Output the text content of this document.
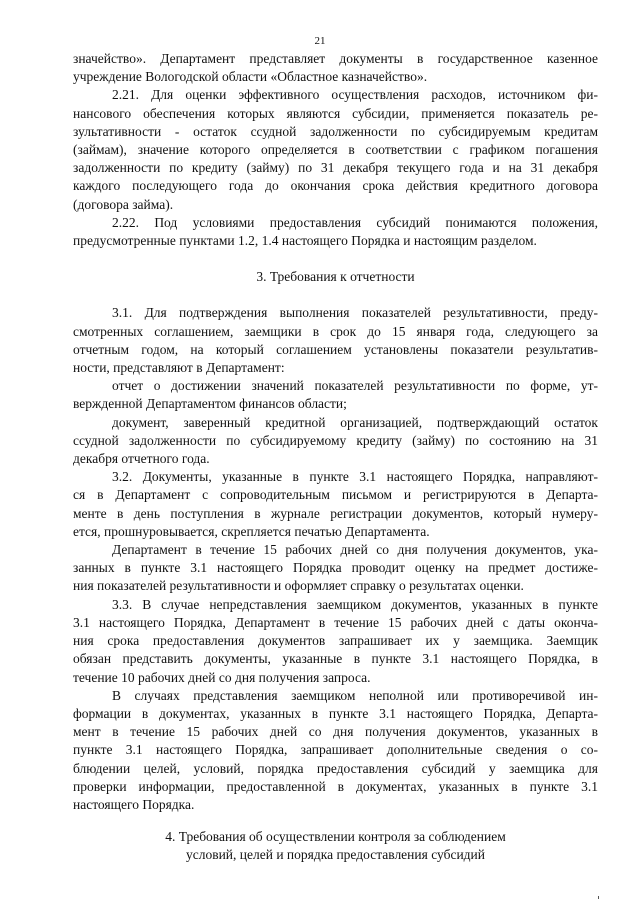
21
значейство». Департамент представляет документы в государственное казенное
учреждение Вологодской области «Областное казначейство».
2.21. Для оценки эффективного осуществления расходов, источником фи-
нансового обеспечения которых являются субсидии, применяется показатель ре-
зультативности - остаток ссудной задолженности по субсидируемым кредитам
(займам), значение которого определяется в соответствии с графиком погашения
задолженности по кредиту (займу) по 31 декабря текущего года и на 31 декабря
каждого последующего года до окончания срока действия кредитного договора
(договора займа).
2.22. Под условиями предоставления субсидий понимаются положения,
предусмотренные пунктами 1.2, 1.4 настоящего Порядка и настоящим разделом.
3. Требования к отчетности
3.1. Для подтверждения выполнения показателей результативности, преду-
смотренных соглашением, заемщики в срок до 15 января года, следующего за
отчетным годом, на который соглашением установлены показатели результатив-
ности, представляют в Департамент:
отчет о достижении значений показателей результативности по форме, ут-
вержденной Департаментом финансов области;
документ, заверенный кредитной организацией, подтверждающий остаток
ссудной задолженности по субсидируемому кредиту (займу) по состоянию на 31
декабря отчетного года.
3.2. Документы, указанные в пункте 3.1 настоящего Порядка, направляют-
ся в Департамент с сопроводительным письмом и регистрируются в Департа-
менте в день поступления в журнале регистрации документов, который нумеру-
ется, прошнуровывается, скрепляется печатью Департамента.
Департамент в течение 15 рабочих дней со дня получения документов, ука-
занных в пункте 3.1 настоящего Порядка проводит оценку на предмет достиже-
ния показателей результативности и оформляет справку о результатах оценки.
3.3. В случае непредставления заемщиком документов, указанных в пункте
3.1 настоящего Порядка, Департамент в течение 15 рабочих дней с даты оконча-
ния срока предоставления документов запрашивает их у заемщика. Заемщик
обязан представить документы, указанные в пункте 3.1 настоящего Порядка, в
течение 10 рабочих дней со дня получения запроса.
В случаях представления заемщиком неполной или противоречивой ин-
формации в документах, указанных в пункте 3.1 настоящего Порядка, Департа-
мент в течение 15 рабочих дней со дня получения документов, указанных в
пункте 3.1 настоящего Порядка, запрашивает дополнительные сведения о со-
блюдении целей, условий, порядка предоставления субсидий у заемщика для
проверки информации, предоставленной в документах, указанных в пункте 3.1
настоящего Порядка.
4. Требования об осуществлении контроля за соблюдением
условий, целей и порядка предоставления субсидий
